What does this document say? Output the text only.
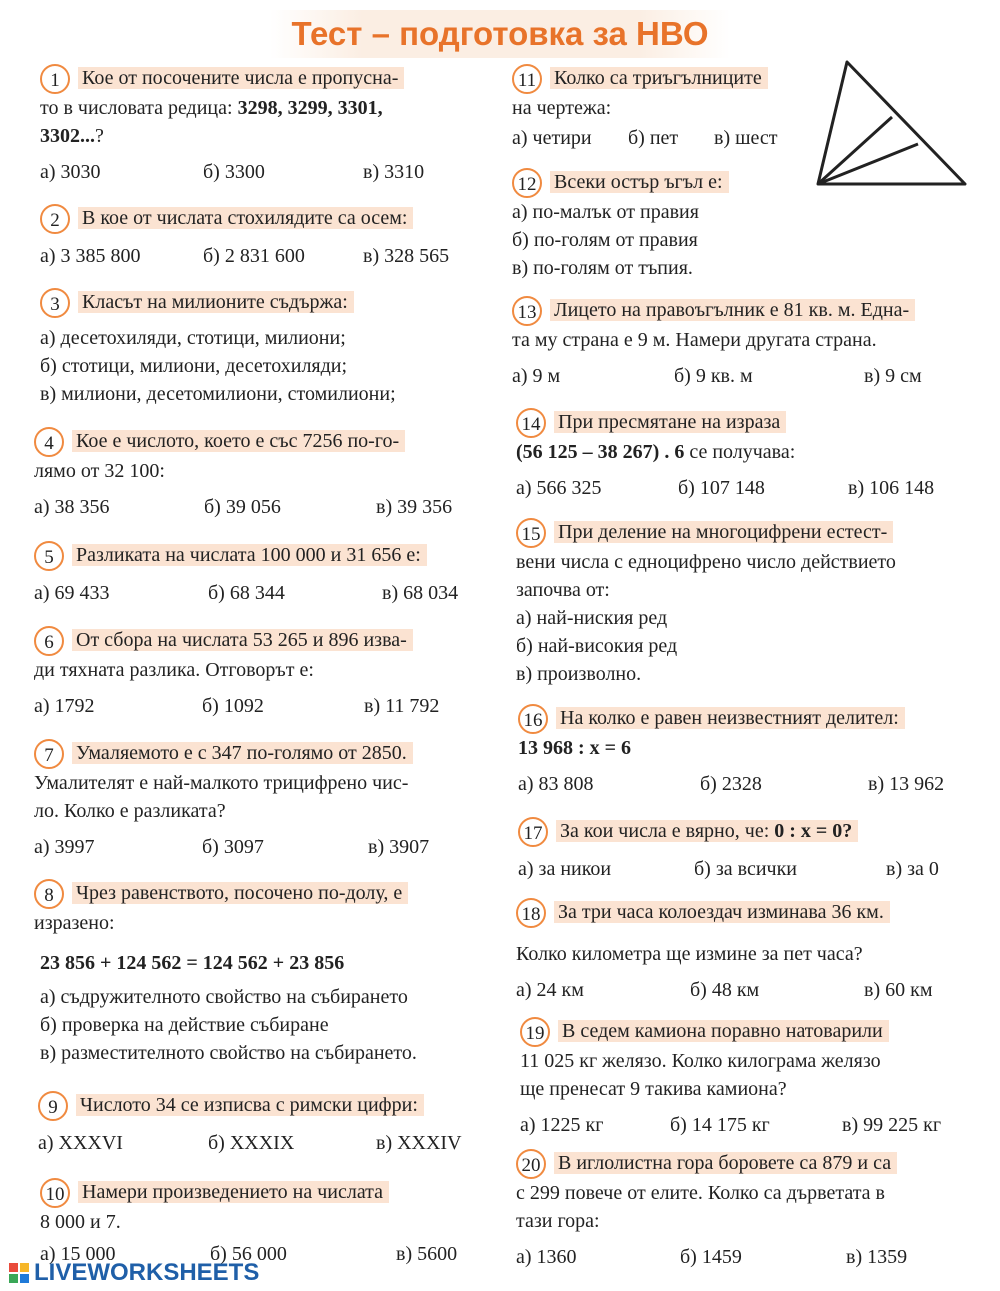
Тест – подготовка за НВО
1 Кое от посочените числа е пропусна-
то в числовата редица: 3298, 3299, 3301,
3302...?
а) 3030	б) 3300	в) 3310
2 В кое от числата стохилядите са осем:
а) 3 385 800	б) 2 831 600	в) 328 565
3 Класът на милионите съдържа:
а) десетохиляди, стотици, милиони;
б) стотици, милиони, десетохиляди;
в) милиони, десетомилиони, стомилиони;
4 Кое е числото, което е със 7256 по-го-
лямо от 32 100:
а) 38 356	б) 39 056	в) 39 356
5 Разликата на числата 100 000 и 31 656 е:
а) 69 433	б) 68 344	в) 68 034
6 От сбора на числата 53 265 и 896 изва-
ди тяхната разлика. Отговорът е:
а) 1792	б) 1092	в) 11 792
7 Умаляемото е с 347 по-голямо от 2850.
Умалителят е най-малкото трицифрено чис-
ло. Колко е разликата?
а) 3997	б) 3097	в) 3907
8 Чрез равенството, посочено по-долу, е
изразено:
23 856 + 124 562 = 124 562 + 23 856
а) съдружителното свойство на събирането
б) проверка на действие събиране
в) разместителното свойство на събирането.
9 Числото 34 се изписва с римски цифри:
а) XXXVI	б) XXXIX	в) XXXIV
10 Намери произведението на числата
8 000 и 7.
а) 15 000	б) 56 000	в) 5600
11 Колко са триъгълниците
на чертежа:
а) четири	б) пет	в) шест
12 Всеки остър ъгъл е:
а) по-малък от правия
б) по-голям от правия
в) по-голям от тъпия.
13 Лицето на правоъгълник е 81 кв. м. Една-
та му страна е 9 м. Намери другата страна.
а) 9 м	б) 9 кв. м	в) 9 см
14 При пресмятане на израза
(56 125 – 38 267) . 6 се получава:
а) 566 325	б) 107 148	в) 106 148
15 При деление на многоцифрени естест-
вени числа с едноцифрено число действието
започва от:
а) най-ниския ред
б) най-високия ред
в) произволно.
16 На колко е равен неизвестният делител:
13 968 : x = 6
а) 83 808	б) 2328	в) 13 962
17 За кои числа е вярно, че: 0 : x = 0?
а) за никои	б) за всички	в) за 0
18 За три часа колоездач изминава 36 км.
Колко километра ще измине за пет часа?
а) 24 км	б) 48 км	в) 60 км
19 В седем камиона поравно натоварили
11 025 кг желязо. Колко килограма желязо
ще пренесат 9 такива камиона?
а) 1225 кг	б) 14 175 кг	в) 99 225 кг
20 В иглолистна гора боровете са 879 и са
с 299 повече от елите. Колко са дърветата в
тази гора:
а) 1360	б) 1459	в) 1359
LIVEWORKSHEETS
